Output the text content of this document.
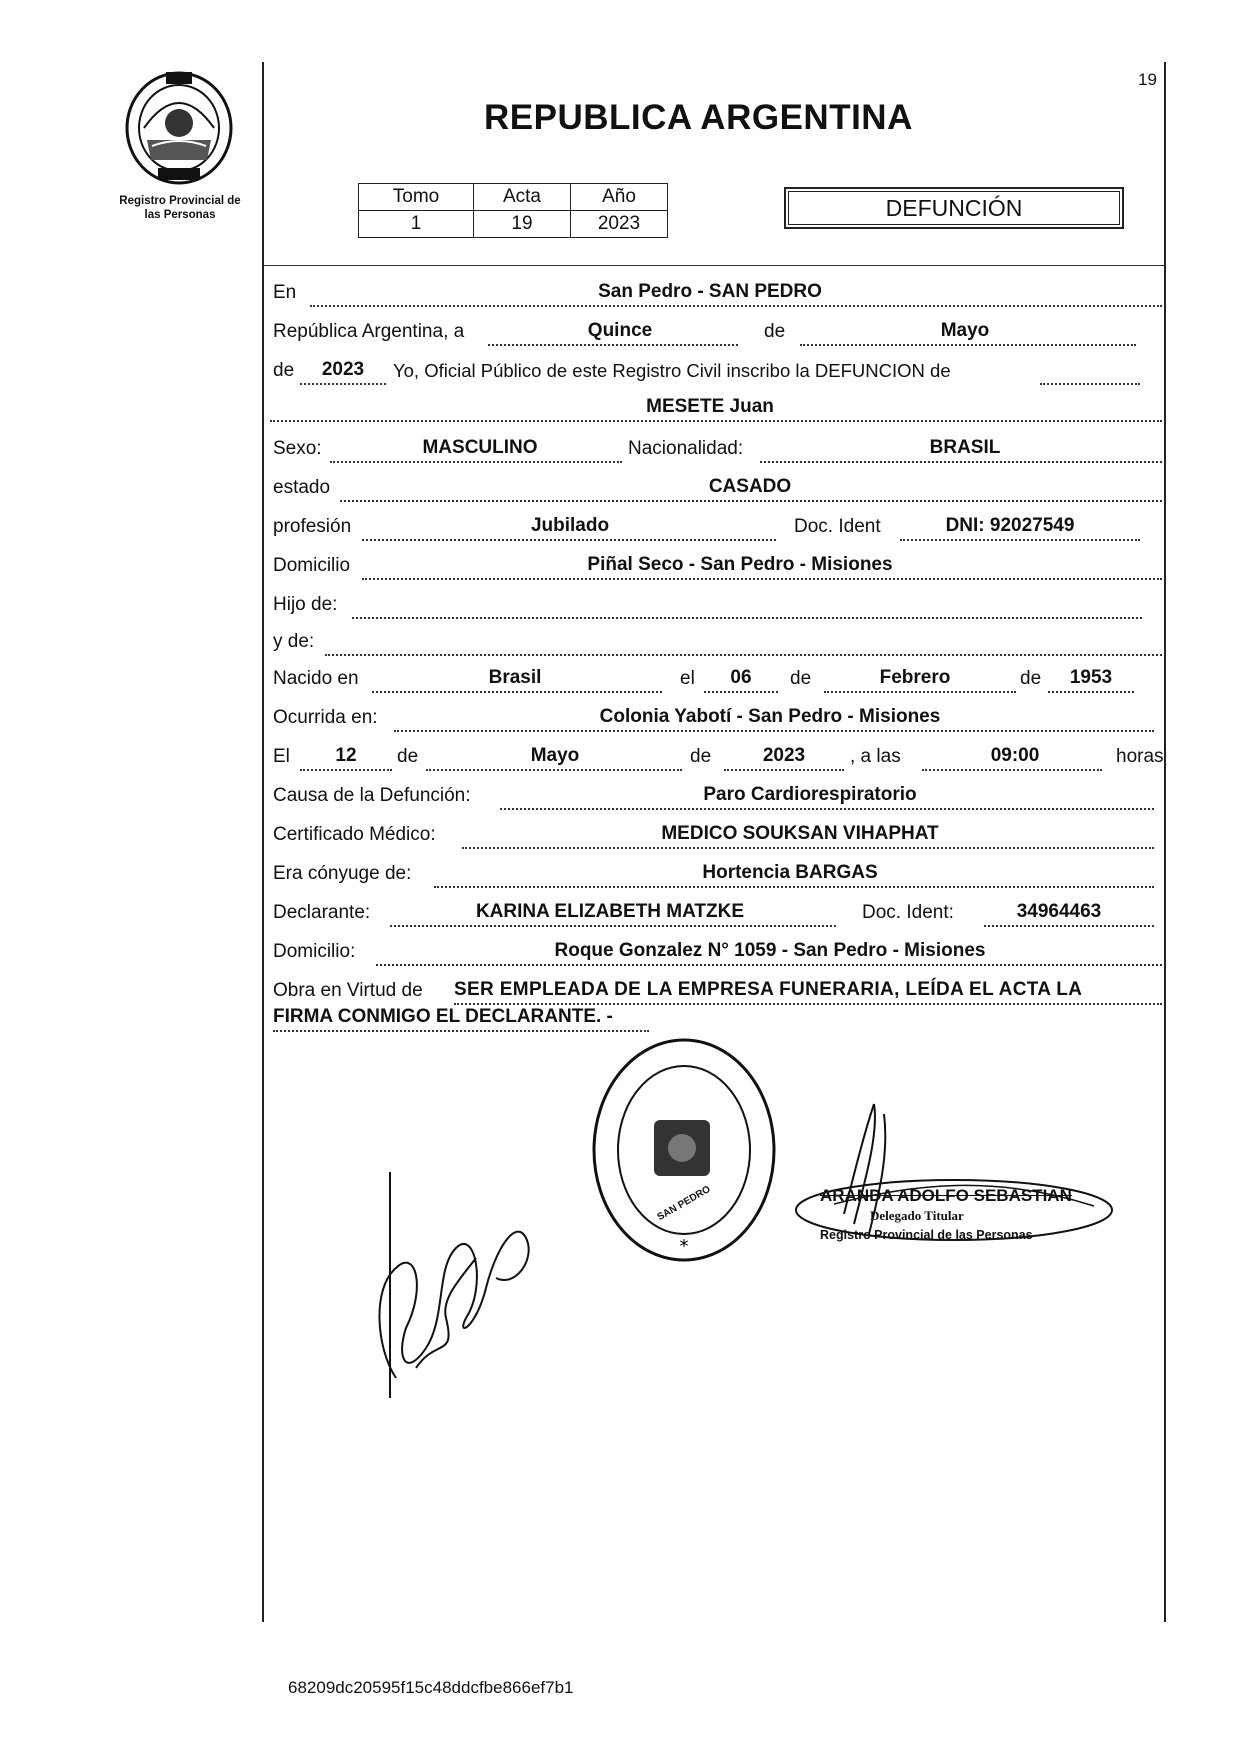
19
Registro Provincial de
las Personas
REPUBLICA ARGENTINA
Tomo	Acta	Año
1	19	2023
DEFUNCIÓN
En	San Pedro - SAN PEDRO
República Argentina, a	Quince	de	Mayo
de	2023	Yo, Oficial Público de este Registro Civil inscribo la DEFUNCION de
MESETE Juan
Sexo:	MASCULINO	Nacionalidad:	BRASIL
estado	CASADO
profesión	Jubilado	Doc. Ident	DNI: 92027549
Domicilio	Piñal Seco - San Pedro - Misiones
Hijo de:
y de:
Nacido en	Brasil	el	06	de	Febrero	de	1953
Ocurrida en:	Colonia Yabotí - San Pedro - Misiones
El	12	de	Mayo	de	2023	, a las	09:00	horas
Causa de la Defunción:	Paro Cardiorespiratorio
Certificado Médico:	MEDICO SOUKSAN VIHAPHAT
Era cónyuge de:	Hortencia BARGAS
Declarante:	KARINA ELIZABETH MATZKE	Doc. Ident:	34964463
Domicilio:	Roque Gonzalez N° 1059 - San Pedro - Misiones
Obra en Virtud de SER EMPLEADA DE LA EMPRESA FUNERARIA, LEÍDA EL ACTA LA
FIRMA CONMIGO EL DECLARANTE. -
*
SAN PEDRO	ARANDA ADOLFO SEBASTIAN
Delegado Titular
Registro Provincial de las Personas
68209dc20595f15c48ddcfbe866ef7b1
